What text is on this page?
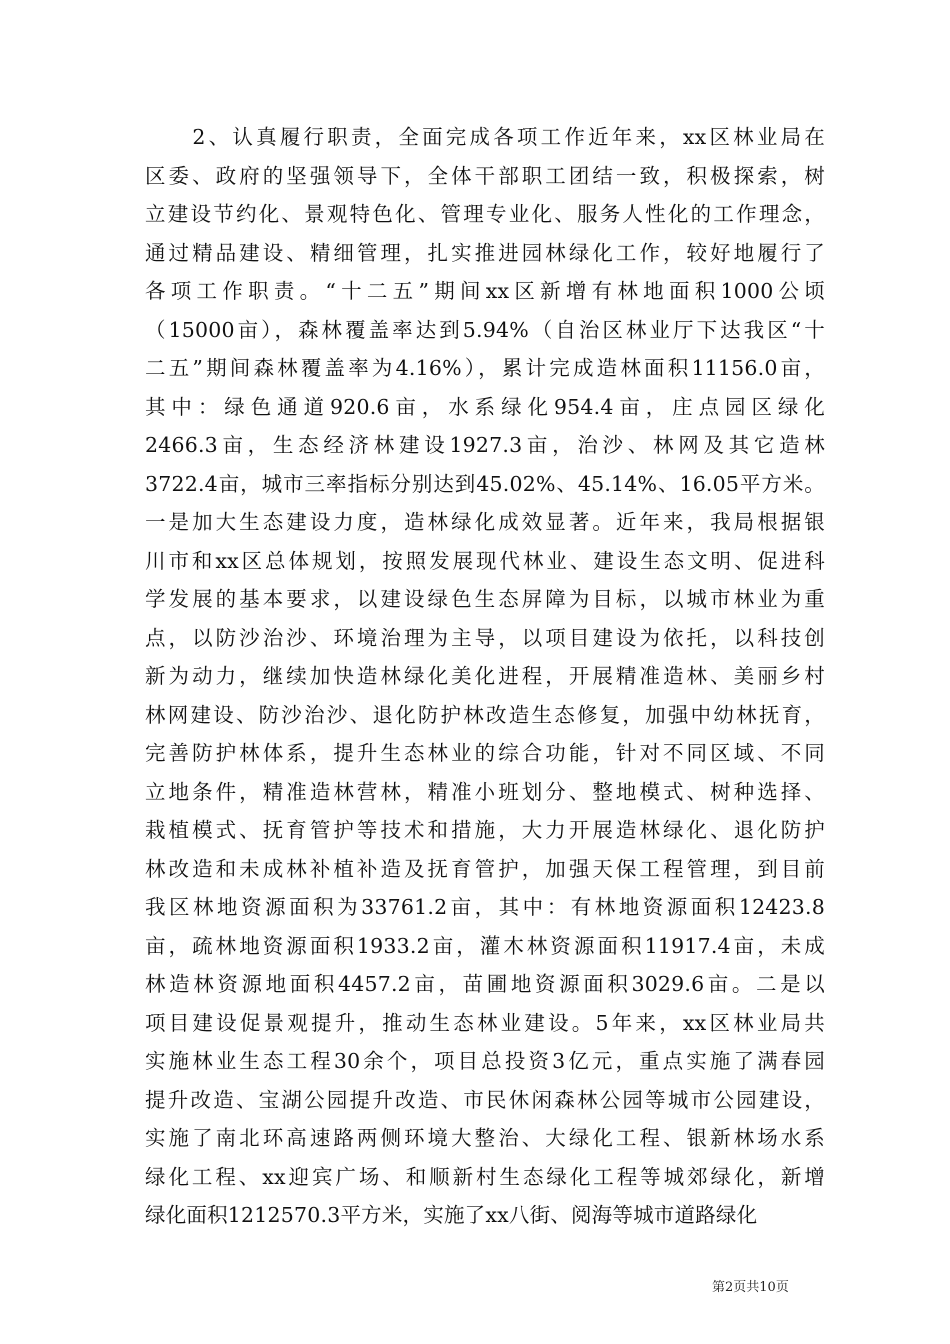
　　2、认真履行职责，全面完成各项工作近年来，xx区林业局在
区委、政府的坚强领导下，全体干部职工团结一致，积极探索，树
立建设节约化、景观特色化、管理专业化、服务人性化的工作理念，
通过精品建设、精细管理，扎实推进园林绿化工作，较好地履行了
各项工作职责。“十二五”期间xx区新增有林地面积1000公顷
（15000亩），森林覆盖率达到5.94%（自治区林业厅下达我区“十
二五”期间森林覆盖率为4.16%），累计完成造林面积11156.0亩，
其中：绿色通道920.6亩，水系绿化954.4亩，庄点园区绿化
2466.3亩，生态经济林建设1927.3亩，治沙、林网及其它造林
3722.4亩，城市三率指标分别达到45.02%、45.14%、16.05平方米。
一是加大生态建设力度，造林绿化成效显著。近年来，我局根据银
川市和xx区总体规划，按照发展现代林业、建设生态文明、促进科
学发展的基本要求，以建设绿色生态屏障为目标，以城市林业为重
点，以防沙治沙、环境治理为主导，以项目建设为依托，以科技创
新为动力，继续加快造林绿化美化进程，开展精准造林、美丽乡村
林网建设、防沙治沙、退化防护林改造生态修复，加强中幼林抚育，
完善防护林体系，提升生态林业的综合功能，针对不同区域、不同
立地条件，精准造林营林，精准小班划分、整地模式、树种选择、
栽植模式、抚育管护等技术和措施，大力开展造林绿化、退化防护
林改造和未成林补植补造及抚育管护，加强天保工程管理，到目前
我区林地资源面积为33761.2亩，其中：有林地资源面积12423.8
亩，疏林地资源面积1933.2亩，灌木林资源面积11917.4亩，未成
林造林资源地面积4457.2亩，苗圃地资源面积3029.6亩。二是以
项目建设促景观提升，推动生态林业建设。5年来，xx区林业局共
实施林业生态工程30余个，项目总投资3亿元，重点实施了满春园
提升改造、宝湖公园提升改造、市民休闲森林公园等城市公园建设，
实施了南北环高速路两侧环境大整治、大绿化工程、银新林场水系
绿化工程、xx迎宾广场、和顺新村生态绿化工程等城郊绿化，新增
绿化面积1212570.3平方米，实施了xx八街、阅海等城市道路绿化
第2页共10页
